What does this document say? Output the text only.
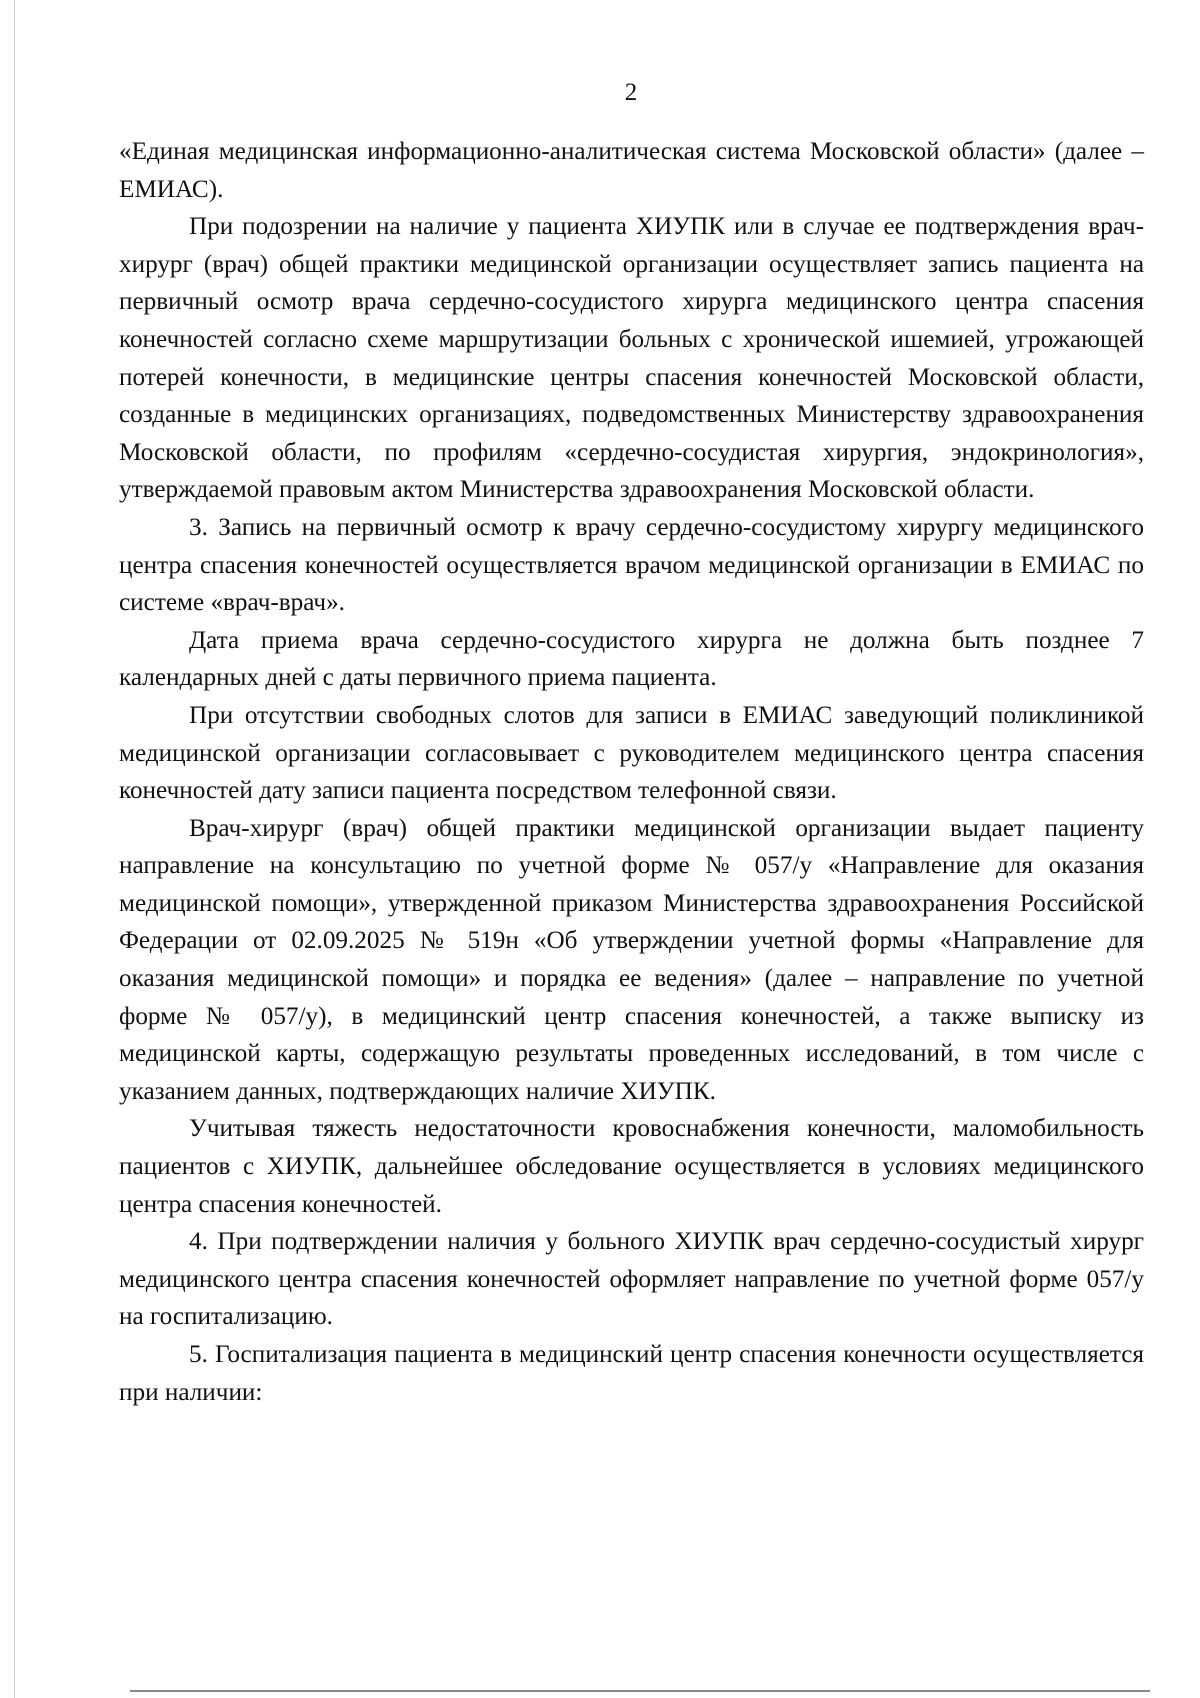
2

«Единая медицинская информационно-аналитическая система Московской области» (далее – ЕМИАС).

При подозрении на наличие у пациента ХИУПК или в случае ее подтверждения врач-хирург (врач) общей практики медицинской организации осуществляет запись пациента на первичный осмотр врача сердечно-сосудистого хирурга медицинского центра спасения конечностей согласно схеме маршрутизации больных с хронической ишемией, угрожающей потерей конечности, в медицинские центры спасения конечностей Московской области, созданные в медицинских организациях, подведомственных Министерству здравоохранения Московской области, по профилям «сердечно-сосудистая хирургия, эндокринология», утверждаемой правовым актом Министерства здравоохранения Московской области.

3. Запись на первичный осмотр к врачу сердечно-сосудистому хирургу медицинского центра спасения конечностей осуществляется врачом медицинской организации в ЕМИАС по системе «врач-врач».

Дата приема врача сердечно-сосудистого хирурга не должна быть позднее 7 календарных дней с даты первичного приема пациента.

При отсутствии свободных слотов для записи в ЕМИАС заведующий поликлиникой медицинской организации согласовывает с руководителем медицинского центра спасения конечностей дату записи пациента посредством телефонной связи.

Врач-хирург (врач) общей практики медицинской организации выдает пациенту направление на консультацию по учетной форме № 057/у «Направление для оказания медицинской помощи», утвержденной приказом Министерства здравоохранения Российской Федерации от 02.09.2025 № 519н «Об утверждении учетной формы «Направление для оказания медицинской помощи» и порядка ее ведения» (далее – направление по учетной форме № 057/у), в медицинский центр спасения конечностей, а также выписку из медицинской карты, содержащую результаты проведенных исследований, в том числе с указанием данных, подтверждающих наличие ХИУПК.

Учитывая тяжесть недостаточности кровоснабжения конечности, маломобильность пациентов с ХИУПК, дальнейшее обследование осуществляется в условиях медицинского центра спасения конечностей.

4. При подтверждении наличия у больного ХИУПК врач сердечно-сосудистый хирург медицинского центра спасения конечностей оформляет направление по учетной форме 057/у на госпитализацию.

5. Госпитализация пациента в медицинский центр спасения конечности осуществляется при наличии:
